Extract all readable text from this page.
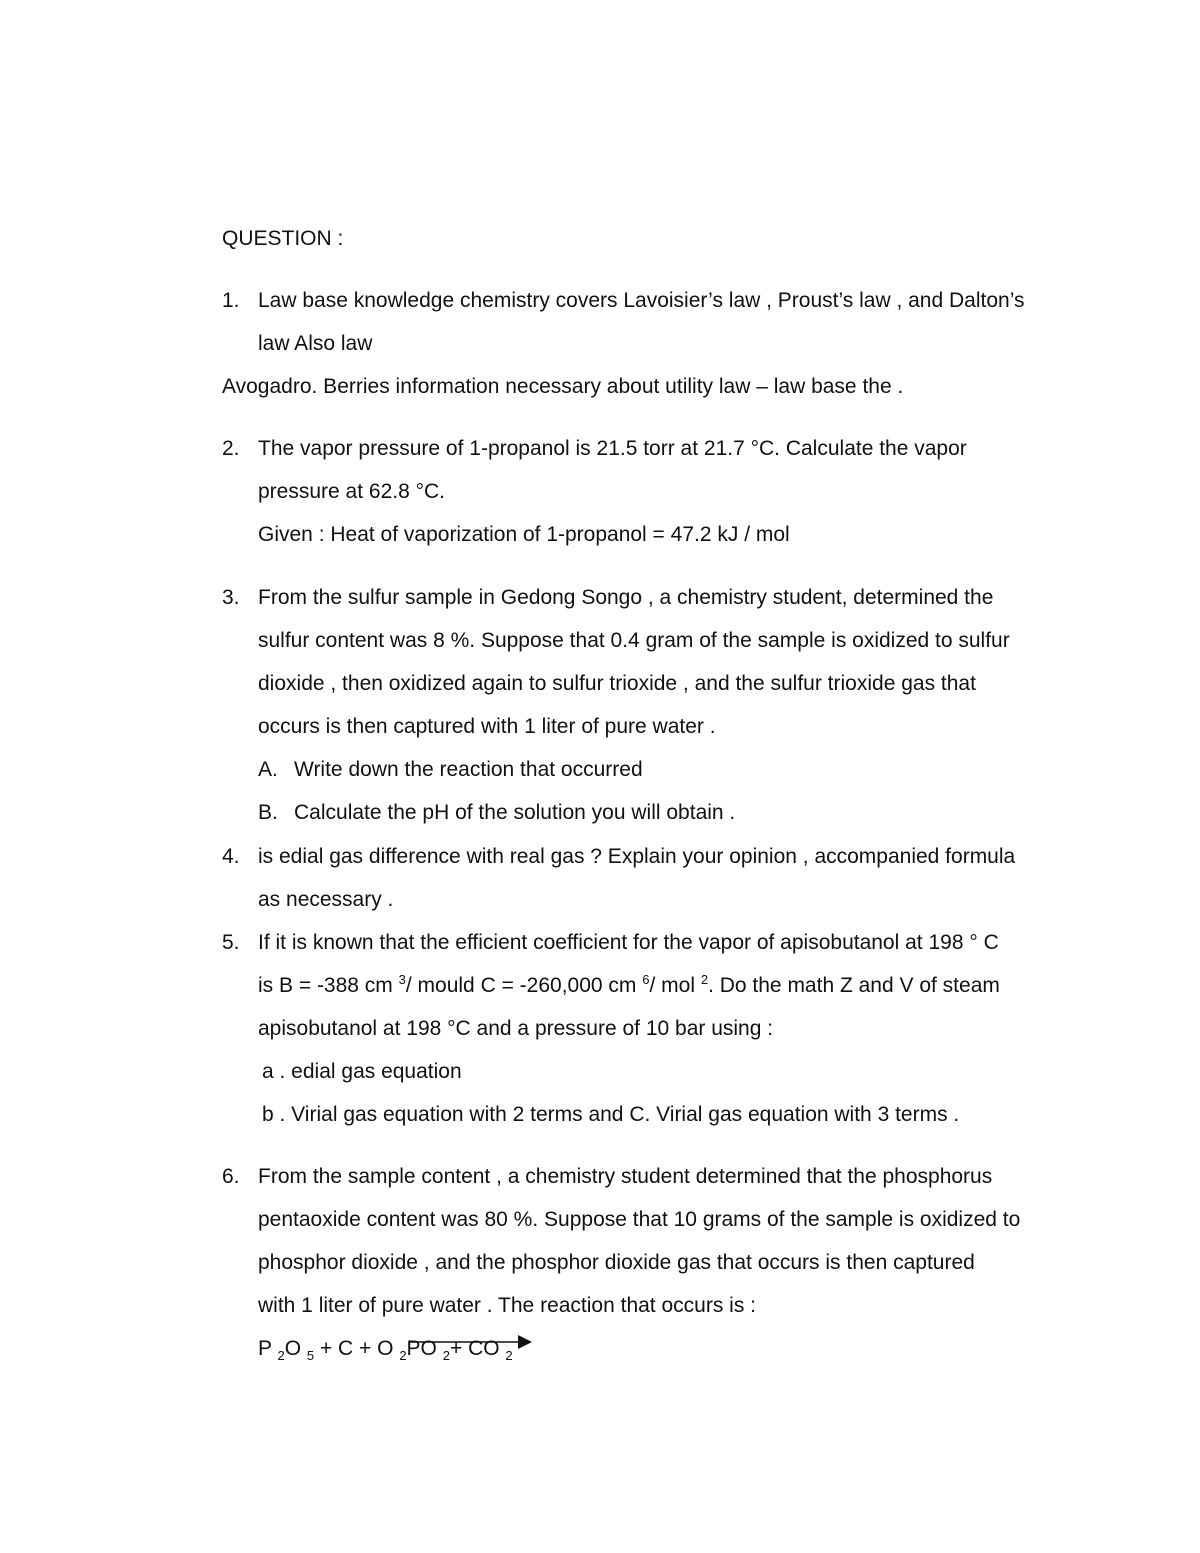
QUESTION :
1. Law base knowledge chemistry covers Lavoisier’s law , Proust’s law , and Dalton’s
law Also law
Avogadro. Berries information necessary about utility law – law base the .
2. The vapor pressure of 1-propanol is 21.5 torr at 21.7 °C. Calculate the vapor
pressure at 62.8 °C.
Given : Heat of vaporization of 1-propanol = 47.2 kJ / mol
3. From the sulfur sample in Gedong Songo , a chemistry student, determined the
sulfur content was 8 %. Suppose that 0.4 gram of the sample is oxidized to sulfur
dioxide , then oxidized again to sulfur trioxide , and the sulfur trioxide gas that
occurs is then captured with 1 liter of pure water .
A. Write down the reaction that occurred
B. Calculate the pH of the solution you will obtain .
4. is edial gas difference with real gas ? Explain your opinion , accompanied formula
as necessary .
5. If it is known that the efficient coefficient for the vapor of apisobutanol at 198 ° C
is B = -388 cm $^3$/ mould C = -260,000 cm $^6$/ mol $^2$. Do the math Z and V of steam
apisobutanol at 198 °C and a pressure of 10 bar using :
a . edial gas equation
b . Virial gas equation with 2 terms and C. Virial gas equation with 3 terms .
6. From the sample content , a chemistry student determined that the phosphorus
pentaoxide content was 80 %. Suppose that 10 grams of the sample is oxidized to
phosphor dioxide , and the phosphor dioxide gas that occurs is then captured
with 1 liter of pure water . The reaction that occurs is :
P $_2$O $_5$ + C + O $_2$PO $_2$+ CO $_2$
